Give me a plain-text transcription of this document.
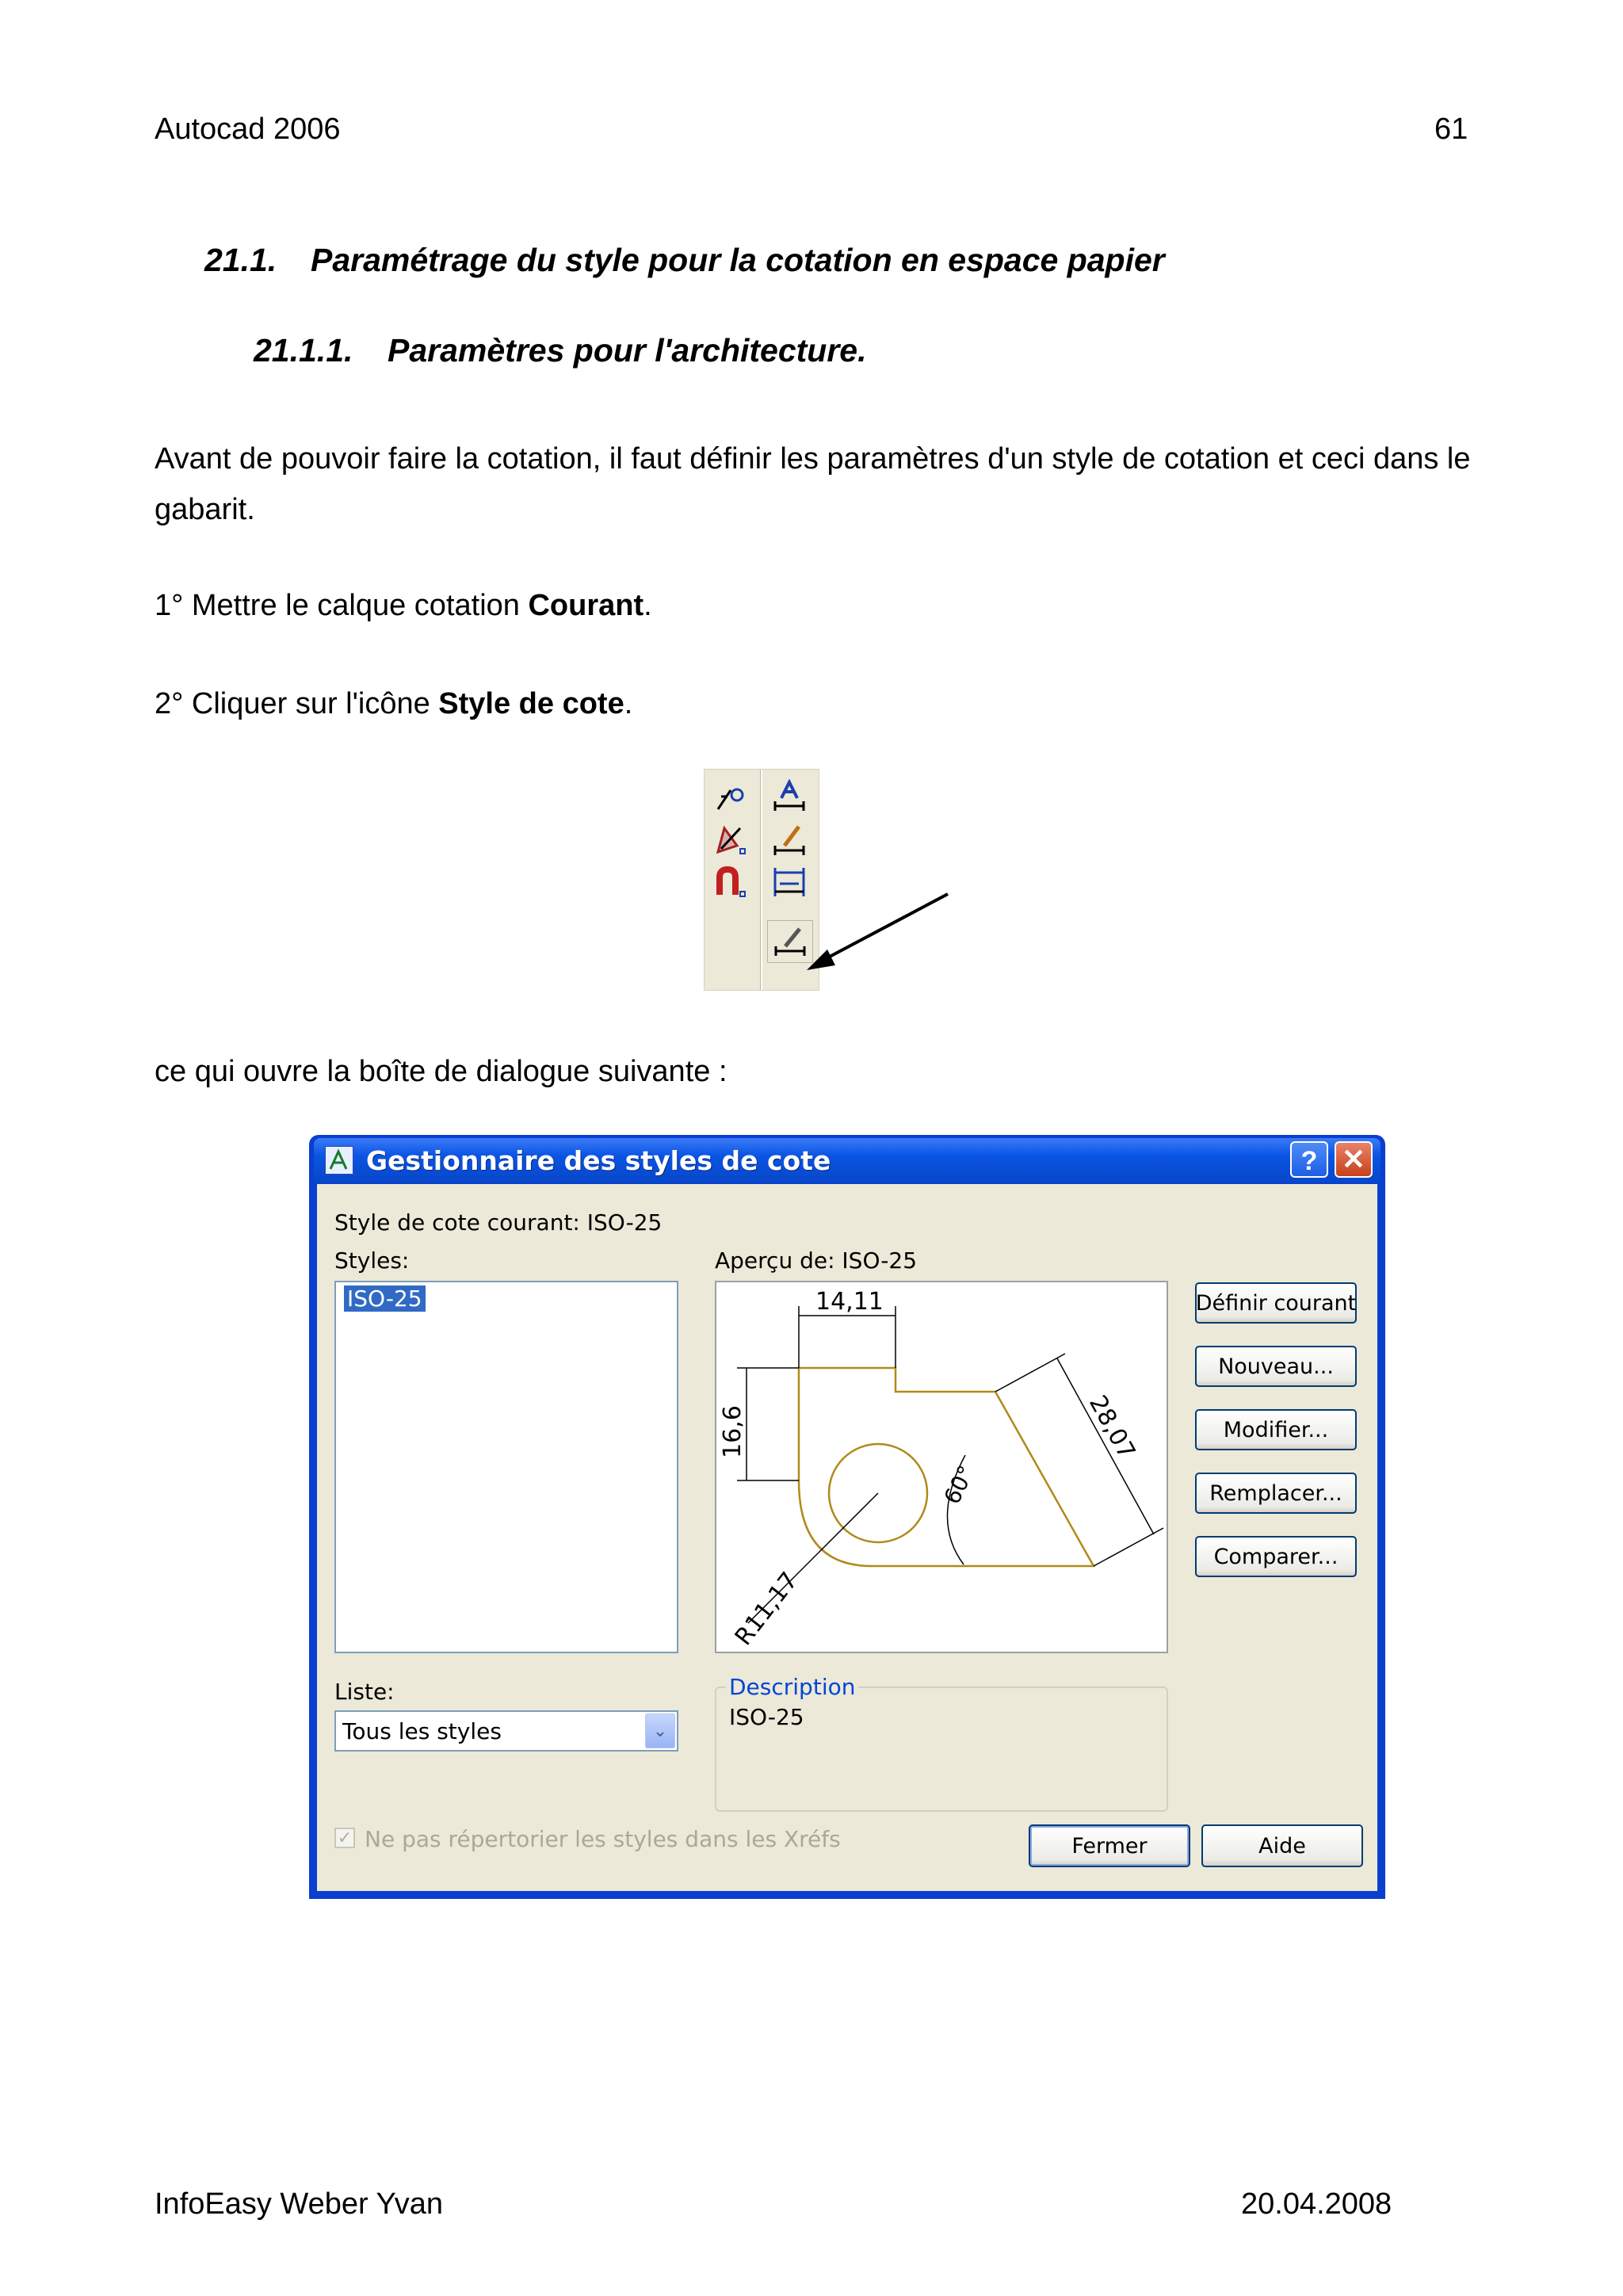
Autocad 2006	61
21.1. Paramétrage du style pour la cotation en espace papier
21.1.1. Paramètres pour l'architecture.
Avant de pouvoir faire la cotation, il faut définir les paramètres d'un style de cotation et ceci dans le
gabarit.
1° Mettre le calque cotation Courant.
2° Cliquer sur l'icône Style de cote.
ce qui ouvre la boîte de dialogue suivante :
Gestionnaire des styles de cote	? ✕
Style de cote courant: ISO-25
Styles:
ISO-25
Aperçu de: ISO-25
14,11
16,6	28,07
60°
R11,17
Définir courant
Nouveau...
Modifier...
Remplacer...
Comparer...
Liste:
Tous les styles	⌄
Description
ISO-25
✓ Ne pas répertorier les styles dans les Xréfs	Fermer	Aide
InfoEasy Weber Yvan	20.04.2008
